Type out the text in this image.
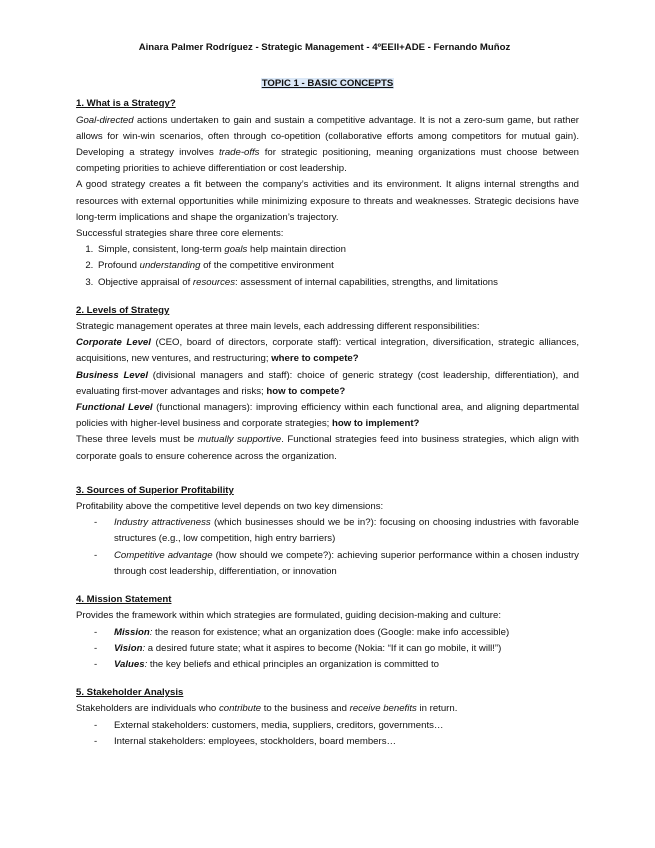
Ainara Palmer Rodríguez - Strategic Management - 4ºEEII+ADE - Fernando Muñoz
TOPIC 1 - BASIC CONCEPTS
1. What is a Strategy?
Goal-directed actions undertaken to gain and sustain a competitive advantage. It is not a zero-sum game, but rather allows for win-win scenarios, often through co-opetition (collaborative efforts among competitors for mutual gain). Developing a strategy involves trade-offs for strategic positioning, meaning organizations must choose between competing priorities to achieve differentiation or cost leadership.
A good strategy creates a fit between the company’s activities and its environment. It aligns internal strengths and resources with external opportunities while minimizing exposure to threats and weaknesses. Strategic decisions have long-term implications and shape the organization’s trajectory.
Successful strategies share three core elements:
1. Simple, consistent, long-term goals help maintain direction
2. Profound understanding of the competitive environment
3. Objective appraisal of resources: assessment of internal capabilities, strengths, and limitations
2. Levels of Strategy
Strategic management operates at three main levels, each addressing different responsibilities:
Corporate Level (CEO, board of directors, corporate staff): vertical integration, diversification, strategic alliances, acquisitions, new ventures, and restructuring; where to compete?
Business Level (divisional managers and staff): choice of generic strategy (cost leadership, differentiation), and evaluating first-mover advantages and risks; how to compete?
Functional Level (functional managers): improving efficiency within each functional area, and aligning departmental policies with higher-level business and corporate strategies; how to implement?
These three levels must be mutually supportive. Functional strategies feed into business strategies, which align with corporate goals to ensure coherence across the organization.
3. Sources of Superior Profitability
Profitability above the competitive level depends on two key dimensions:
- Industry attractiveness (which businesses should we be in?): focusing on choosing industries with favorable structures (e.g., low competition, high entry barriers)
- Competitive advantage (how should we compete?): achieving superior performance within a chosen industry through cost leadership, differentiation, or innovation
4. Mission Statement
Provides the framework within which strategies are formulated, guiding decision-making and culture:
- Mission: the reason for existence; what an organization does (Google: make info accessible)
- Vision: a desired future state; what it aspires to become (Nokia: “If it can go mobile, it will!”)
- Values: the key beliefs and ethical principles an organization is committed to
5. Stakeholder Analysis
Stakeholders are individuals who contribute to the business and receive benefits in return.
- External stakeholders: customers, media, suppliers, creditors, governments…
- Internal stakeholders: employees, stockholders, board members…
